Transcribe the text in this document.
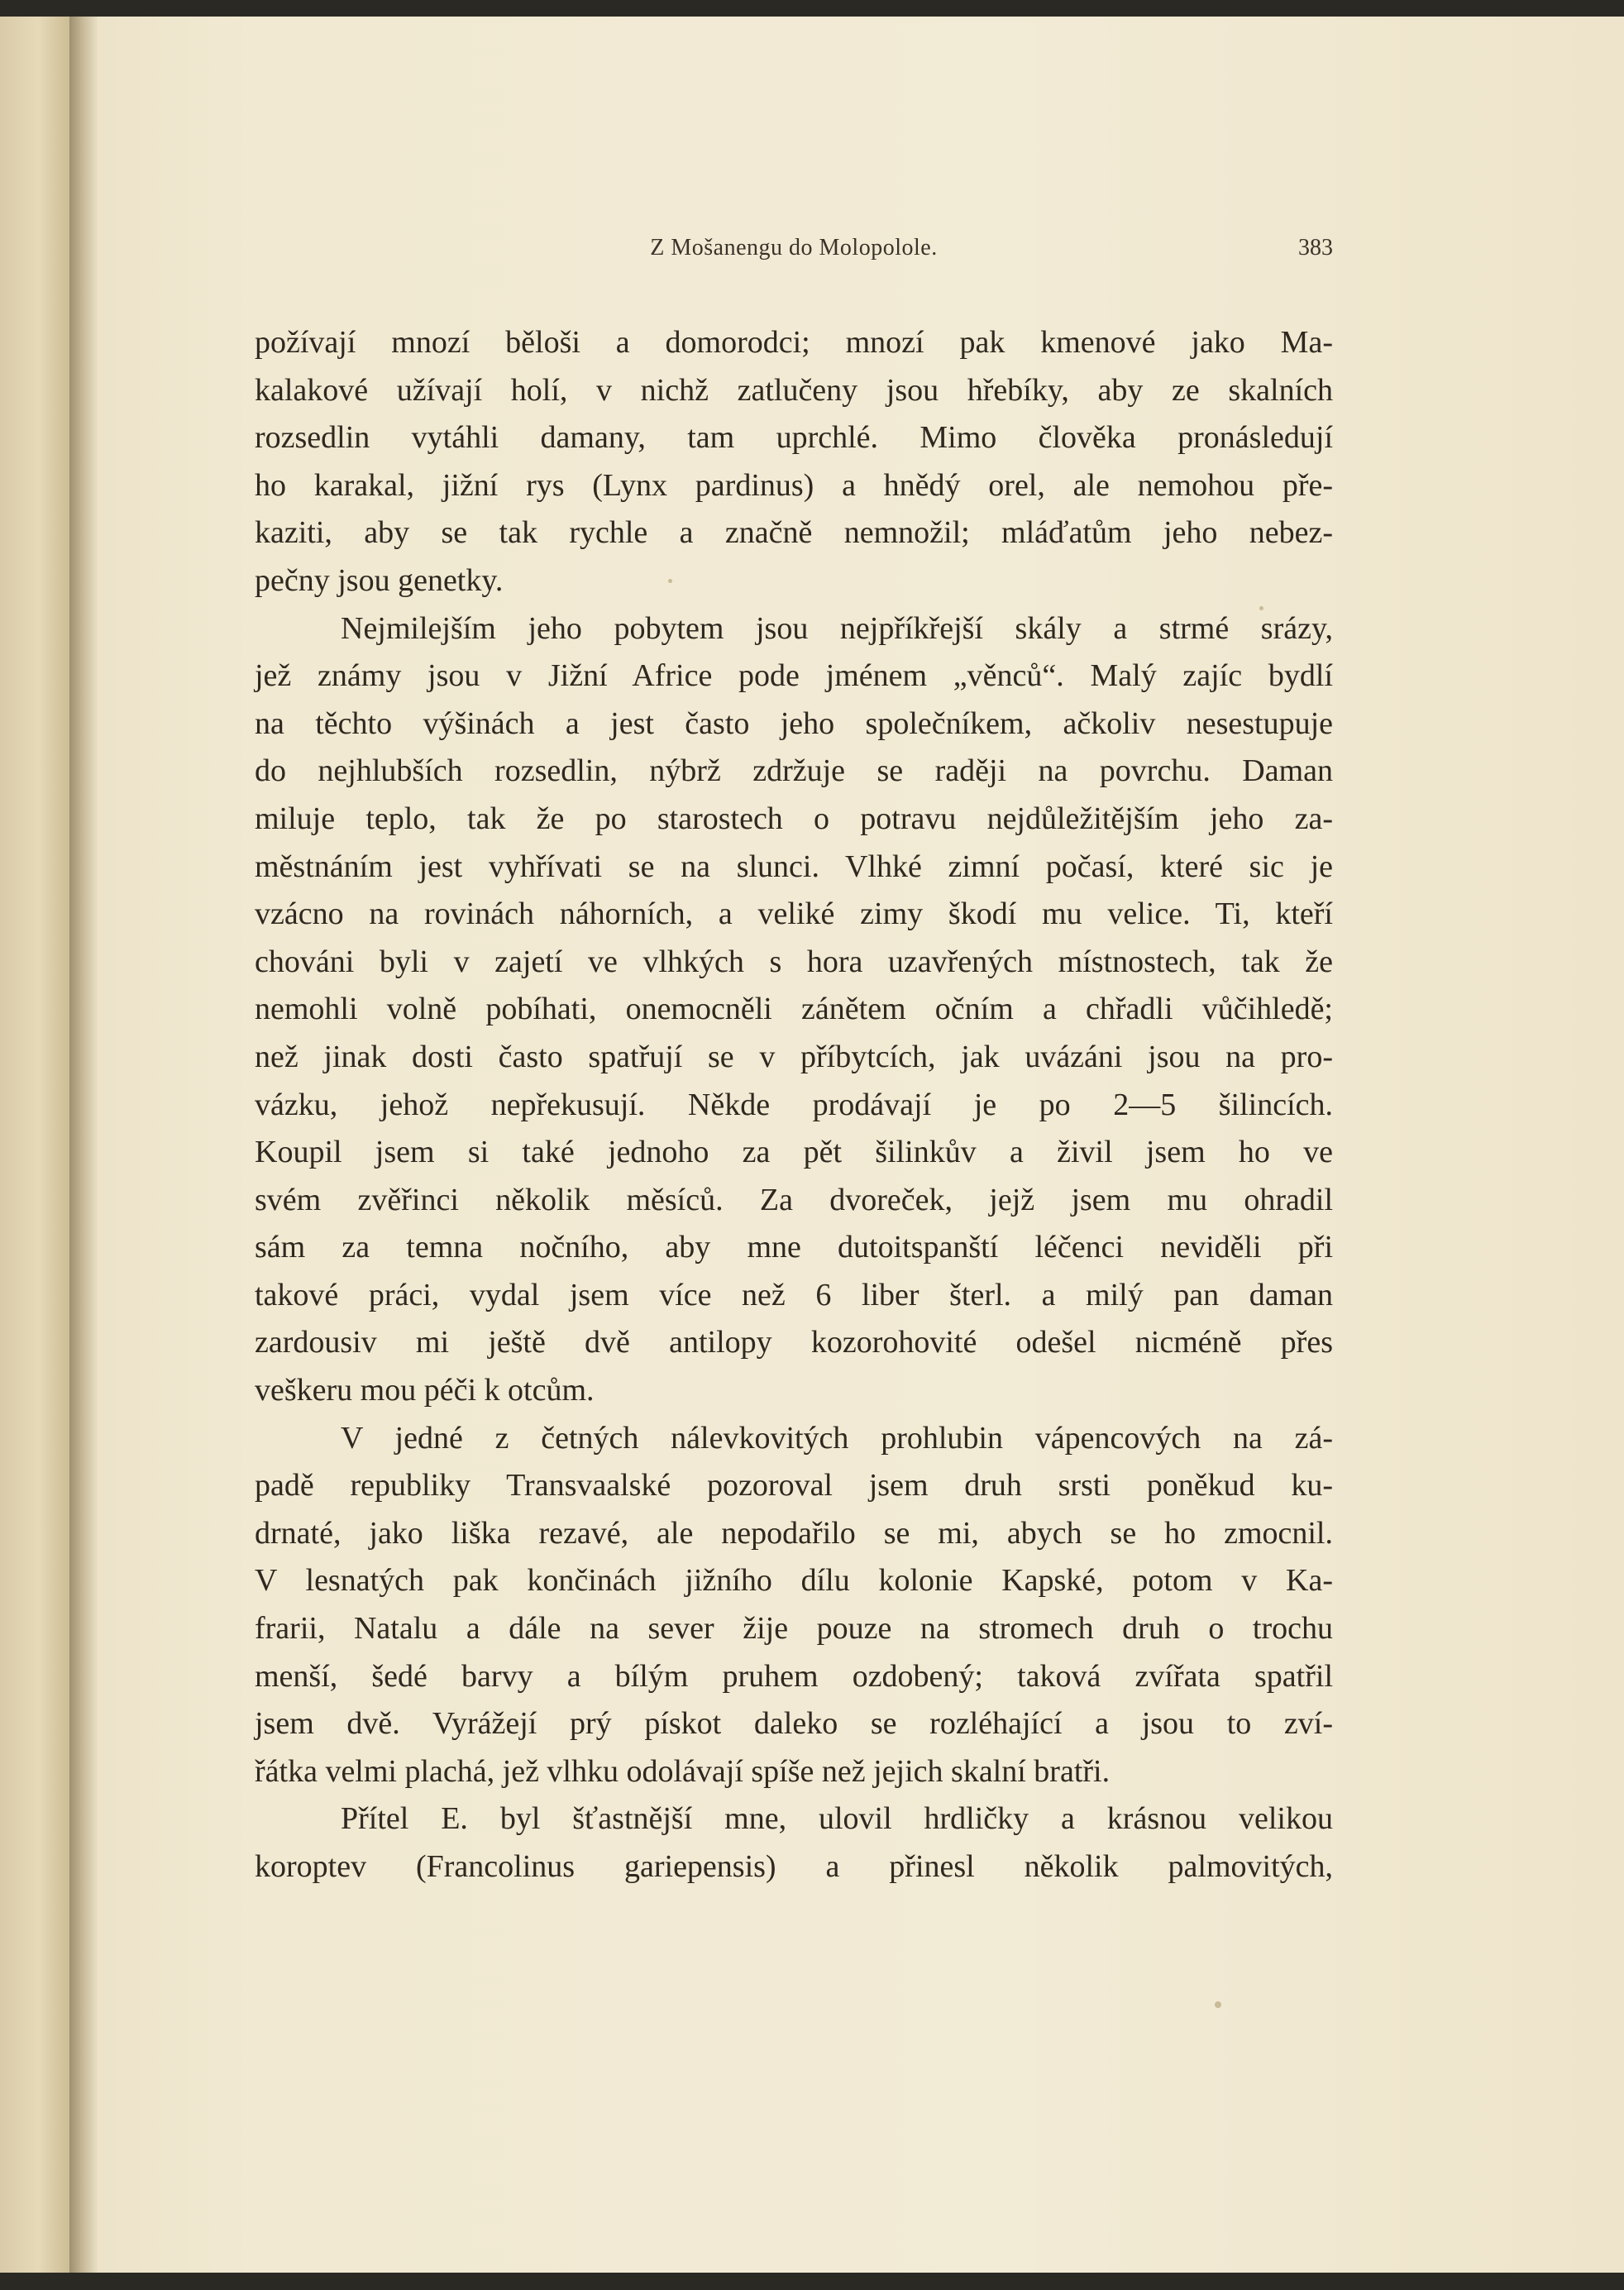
Z Mošanengu do Molopolole.	383
požívají mnozí běloši a domorodci; mnozí pak kmenové jako Ma-
kalakové užívají holí, v nichž zatlučeny jsou hřebíky, aby ze skalních
rozsedlin vytáhli damany, tam uprchlé. Mimo člověka pronásledují
ho karakal, jižní rys (Lynx pardinus) a hnědý orel, ale nemohou pře-
kaziti, aby se tak rychle a značně nemnožil; mláďatům jeho nebez-
pečny jsou genetky.
Nejmilejším jeho pobytem jsou nejpříkřejší skály a strmé srázy,
jež známy jsou v Jižní Africe pode jménem „věnců“. Malý zajíc bydlí
na těchto výšinách a jest často jeho společníkem, ačkoliv nesestupuje
do nejhlubších rozsedlin, nýbrž zdržuje se raději na povrchu. Daman
miluje teplo, tak že po starostech o potravu nejdůležitějším jeho za-
městnáním jest vyhřívati se na slunci. Vlhké zimní počasí, které sic je
vzácno na rovinách náhorních, a veliké zimy škodí mu velice. Ti, kteří
chováni byli v zajetí ve vlhkých s hora uzavřených místnostech, tak že
nemohli volně pobíhati, onemocněli zánětem očním a chřadli vůčihledě;
než jinak dosti často spatřují se v příbytcích, jak uvázáni jsou na pro-
vázku, jehož nepřekusují. Někde prodávají je po 2—5 šilincích.
Koupil jsem si také jednoho za pět šilinkův a živil jsem ho ve
svém zvěřinci několik měsíců. Za dvoreček, jejž jsem mu ohradil
sám za temna nočního, aby mne dutoitspanští léčenci neviděli při
takové práci, vydal jsem více než 6 liber šterl. a milý pan daman
zardousiv mi ještě dvě antilopy kozorohovité odešel nicméně přes
veškeru mou péči k otcům.
V jedné z četných nálevkovitých prohlubin vápencových na zá-
padě republiky Transvaalské pozoroval jsem druh srsti poněkud ku-
drnaté, jako liška rezavé, ale nepodařilo se mi, abych se ho zmocnil.
V lesnatých pak končinách jižního dílu kolonie Kapské, potom v Ka-
frarii, Natalu a dále na sever žije pouze na stromech druh o trochu
menší, šedé barvy a bílým pruhem ozdobený; taková zvířata spatřil
jsem dvě. Vyrážejí prý pískot daleko se rozléhající a jsou to zví-
řátka velmi plachá, jež vlhku odolávají spíše než jejich skalní bratři.
Přítel E. byl šťastnější mne, ulovil hrdličky a krásnou velikou
koroptev (Francolinus gariepensis) a přinesl několik palmovitých,
